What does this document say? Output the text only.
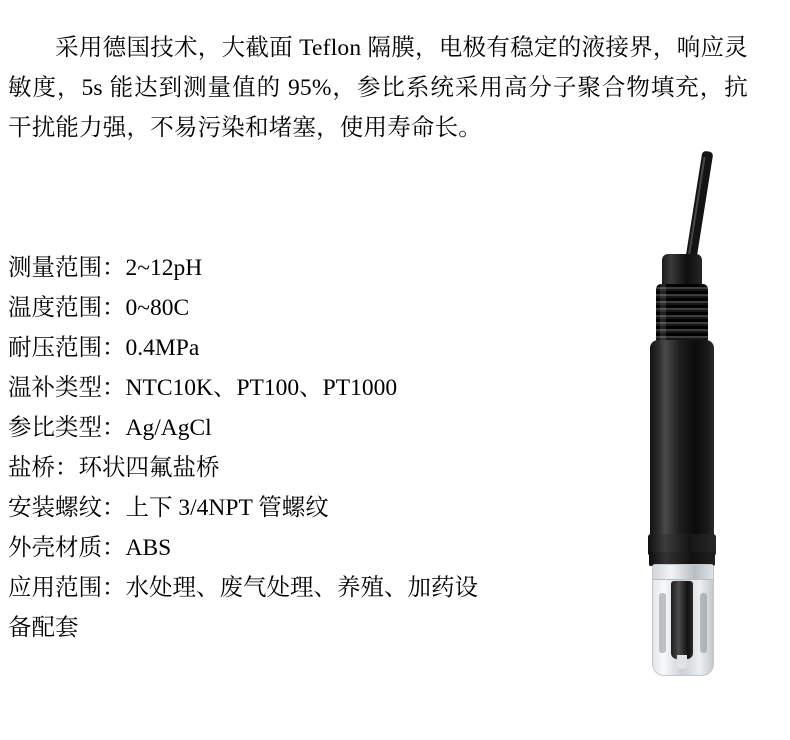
采用德国技术，大截面 Teflon 隔膜，电极有稳定的液接界，响应灵敏度，5s 能达到测量值的 95%，参比系统采用高分子聚合物填充，抗干扰能力强，不易污染和堵塞，使用寿命长。

测量范围：2~12pH
温度范围：0~80C
耐压范围：0.4MPa
温补类型：NTC10K、PT100、PT1000
参比类型：Ag/AgCl
盐桥：环状四氟盐桥
安装螺纹：上下 3/4NPT 管螺纹
外壳材质：ABS
应用范围：水处理、废气处理、养殖、加药设备配套
